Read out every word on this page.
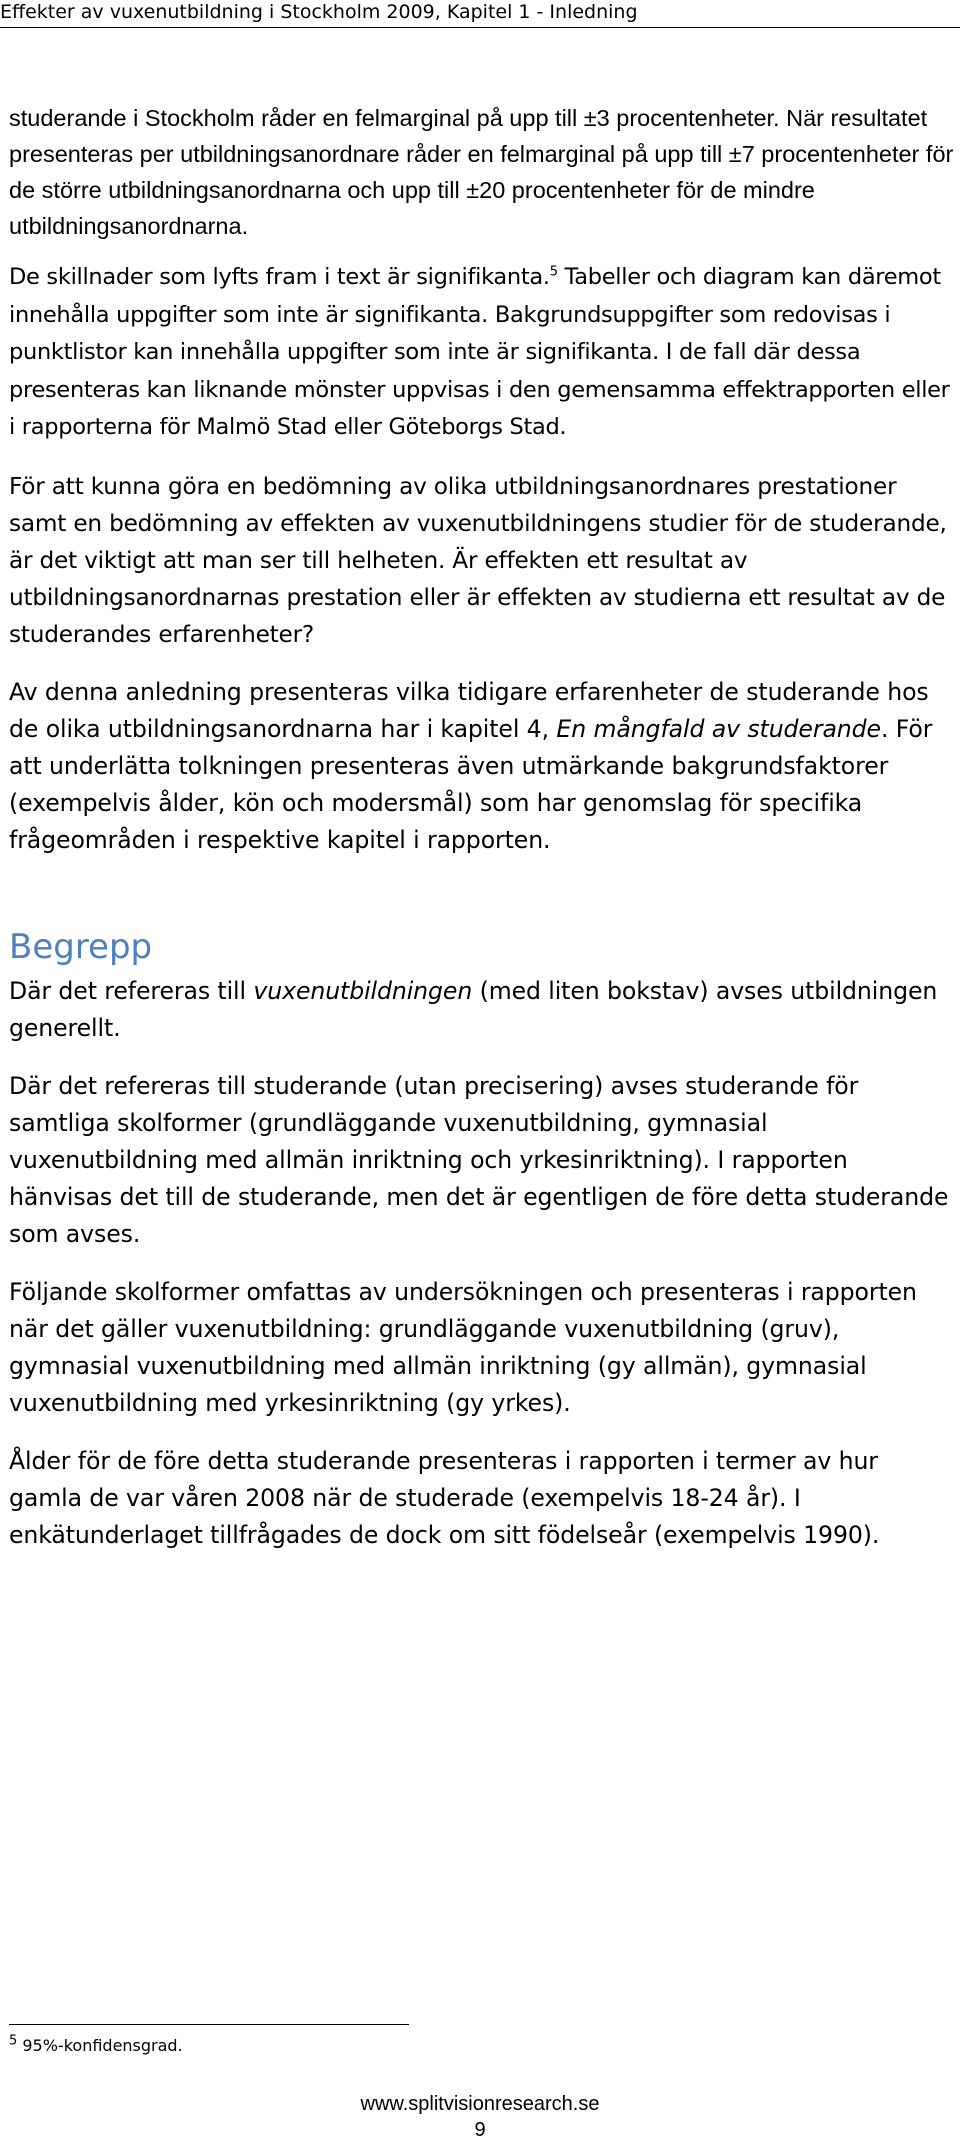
Effekter av vuxenutbildning i Stockholm 2009, Kapitel 1 - Inledning

studerande i Stockholm råder en felmarginal på upp till ±3 procentenheter. När resultatet presenteras per utbildningsanordnare råder en felmarginal på upp till ±7 procentenheter för de större utbildningsanordnarna och upp till ±20 procentenheter för de mindre utbildningsanordnarna.

De skillnader som lyfts fram i text är signifikanta.$^5$ Tabeller och diagram kan däremot innehålla uppgifter som inte är signifikanta. Bakgrundsuppgifter som redovisas i punktlistor kan innehålla uppgifter som inte är signifikanta. I de fall där dessa presenteras kan liknande mönster uppvisas i den gemensamma effektrapporten eller i rapporterna för Malmö Stad eller Göteborgs Stad.

För att kunna göra en bedömning av olika utbildningsanordnares prestationer samt en bedömning av effekten av vuxenutbildningens studier för de studerande, är det viktigt att man ser till helheten. Är effekten ett resultat av utbildningsanordnarnas prestation eller är effekten av studierna ett resultat av de studerandes erfarenheter?

Av denna anledning presenteras vilka tidigare erfarenheter de studerande hos de olika utbildningsanordnarna har i kapitel 4, En mångfald av studerande. För att underlätta tolkningen presenteras även utmärkande bakgrundsfaktorer (exempelvis ålder, kön och modersmål) som har genomslag för specifika frågeområden i respektive kapitel i rapporten.

Begrepp

Där det refereras till vuxenutbildningen (med liten bokstav) avses utbildningen generellt.

Där det refereras till studerande (utan precisering) avses studerande för samtliga skolformer (grundläggande vuxenutbildning, gymnasial vuxenutbildning med allmän inriktning och yrkesinriktning). I rapporten hänvisas det till de studerande, men det är egentligen de före detta studerande som avses.

Följande skolformer omfattas av undersökningen och presenteras i rapporten när det gäller vuxenutbildning: grundläggande vuxenutbildning (gruv), gymnasial vuxenutbildning med allmän inriktning (gy allmän), gymnasial vuxenutbildning med yrkesinriktning (gy yrkes).

Ålder för de före detta studerande presenteras i rapporten i termer av hur gamla de var våren 2008 när de studerade (exempelvis 18-24 år). I enkätunderlaget tillfrågades de dock om sitt födelseår (exempelvis 1990).

$^5$ 95%-konfidensgrad.
www.splitvisionresearch.se
9
